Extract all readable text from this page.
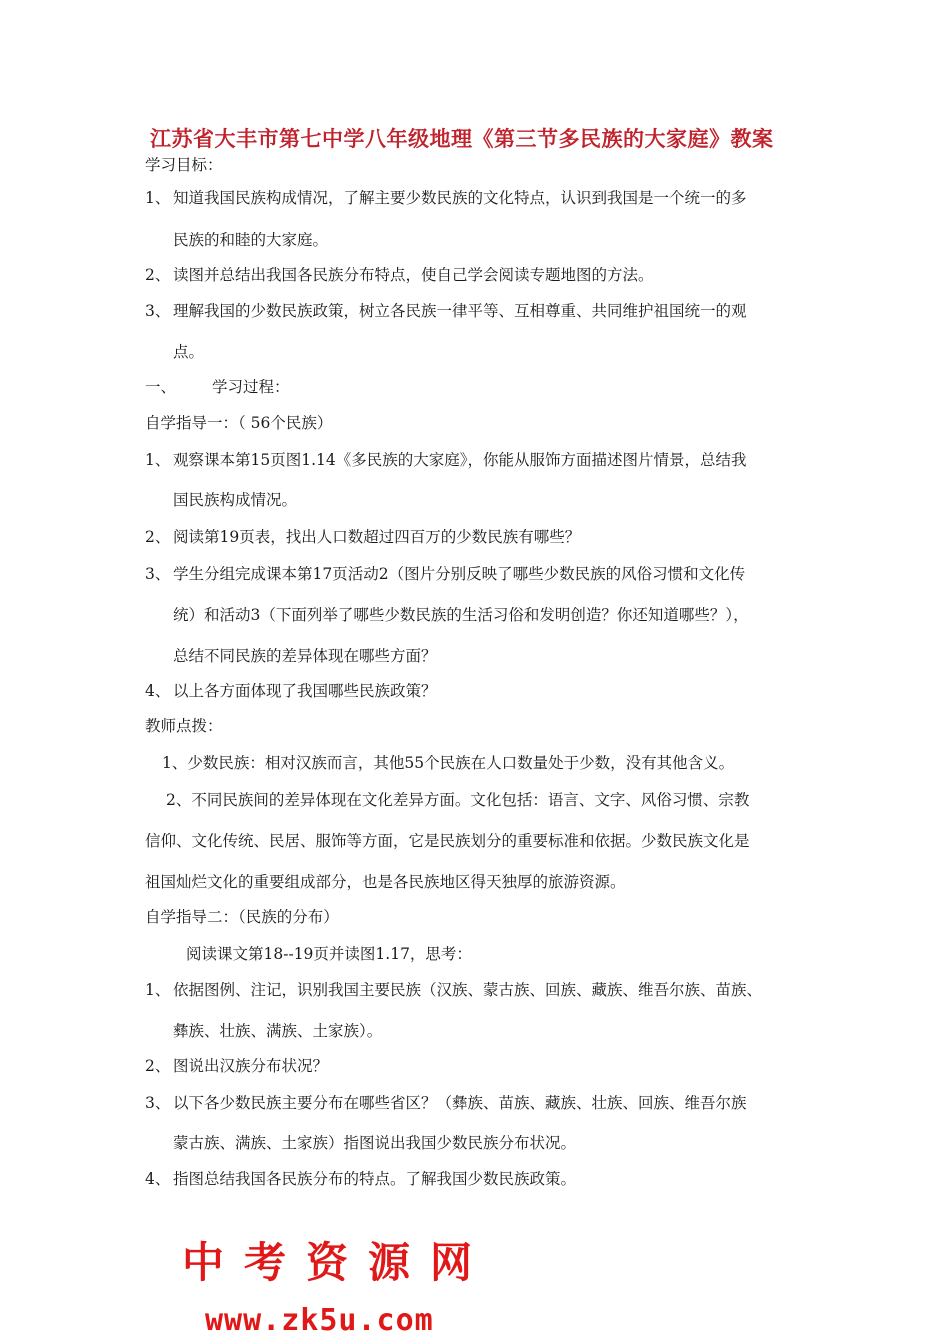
江苏省大丰市第七中学八年级地理《第三节多民族的大家庭》教案
学习目标：
1、 知道我国民族构成情况，了解主要少数民族的文化特点，认识到我国是一个统一的多
民族的和睦的大家庭。
2、 读图并总结出我国各民族分布特点，使自己学会阅读专题地图的方法。
3、 理解我国的少数民族政策，树立各民族一律平等、互相尊重、共同维护祖国统一的观
点。
一、 学习过程：
自学指导一：（ 56个民族）
1、 观察课本第15页图1.14《多民族的大家庭》，你能从服饰方面描述图片情景，总结我
国民族构成情况。
2、 阅读第19页表，找出人口数超过四百万的少数民族有哪些？
3、 学生分组完成课本第17页活动2（图片分别反映了哪些少数民族的风俗习惯和文化传
统）和活动3（下面列举了哪些少数民族的生活习俗和发明创造？你还知道哪些？），
总结不同民族的差异体现在哪些方面？
4、 以上各方面体现了我国哪些民族政策？
教师点拨：
1、少数民族：相对汉族而言，其他55个民族在人口数量处于少数，没有其他含义。
2、不同民族间的差异体现在文化差异方面。文化包括：语言、文字、风俗习惯、宗教
信仰、文化传统、民居、服饰等方面，它是民族划分的重要标准和依据。少数民族文化是
祖国灿烂文化的重要组成部分，也是各民族地区得天独厚的旅游资源。
自学指导二：（民族的分布）
阅读课文第18--19页并读图1.17，思考：
1、 依据图例、注记，识别我国主要民族（汉族、蒙古族、回族、藏族、维吾尔族、苗族、
彝族、壮族、满族、土家族）。
2、 图说出汉族分布状况？
3、 以下各少数民族主要分布在哪些省区？（彝族、苗族、藏族、壮族、回族、维吾尔族
蒙古族、满族、土家族）指图说出我国少数民族分布状况。
4、 指图总结我国各民族分布的特点。了解我国少数民族政策。
中考资源网
www.zk5u.com
